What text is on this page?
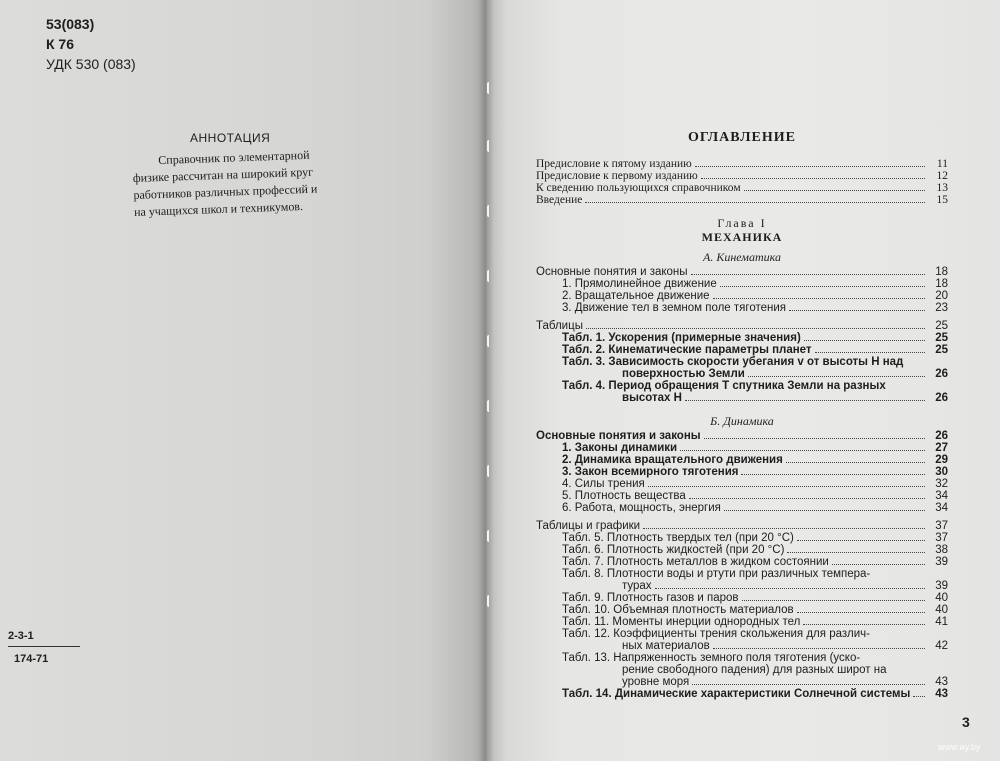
53(083)
К 76
УДК 530 (083)
АННОТАЦИЯ
Справочник по элементарной
физике рассчитан на широкий круг
работников различных профессий и
на учащихся школ и техникумов.
2-3-1
174-71
ОГЛАВЛЕНИЕ
Предисловие к пятому изданию	11
Предисловие к первому изданию	12
К сведению пользующихся справочником	13
Введение	15
Глава I
МЕХАНИКА
А. Кинематика
Основные понятия и законы	18
1. Прямолинейное движение	18
2. Вращательное движение	20
3. Движение тел в земном поле тяготения	23
Таблицы	25
Табл. 1. Ускорения (примерные значения)	25
Табл. 2. Кинематические параметры планет	25
Табл. 3. Зависимость скорости убегания v от высоты H над
поверхностью Земли	26
Табл. 4. Период обращения T спутника Земли на разных
высотах H	26
Б. Динамика
Основные понятия и законы	26
1. Законы динамики	27
2. Динамика вращательного движения	29
3. Закон всемирного тяготения	30
4. Силы трения	32
5. Плотность вещества	34
6. Работа, мощность, энергия	34
Таблицы и графики	37
Табл. 5. Плотность твердых тел (при 20 °C)	37
Табл. 6. Плотность жидкостей (при 20 °C)	38
Табл. 7. Плотность металлов в жидком состоянии	39
Табл. 8. Плотности воды и ртути при различных темпера-
турах	39
Табл. 9. Плотность газов и паров	40
Табл. 10. Объемная плотность материалов	40
Табл. 11. Моменты инерции однородных тел	41
Табл. 12. Коэффициенты трения скольжения для различ-
ных материалов	42
Табл. 13. Напряженность земного поля тяготения (уско-
рение свободного падения) для разных широт на
уровне моря	43
Табл. 14. Динамические характеристики Солнечной системы	43
3
www.ay.by
